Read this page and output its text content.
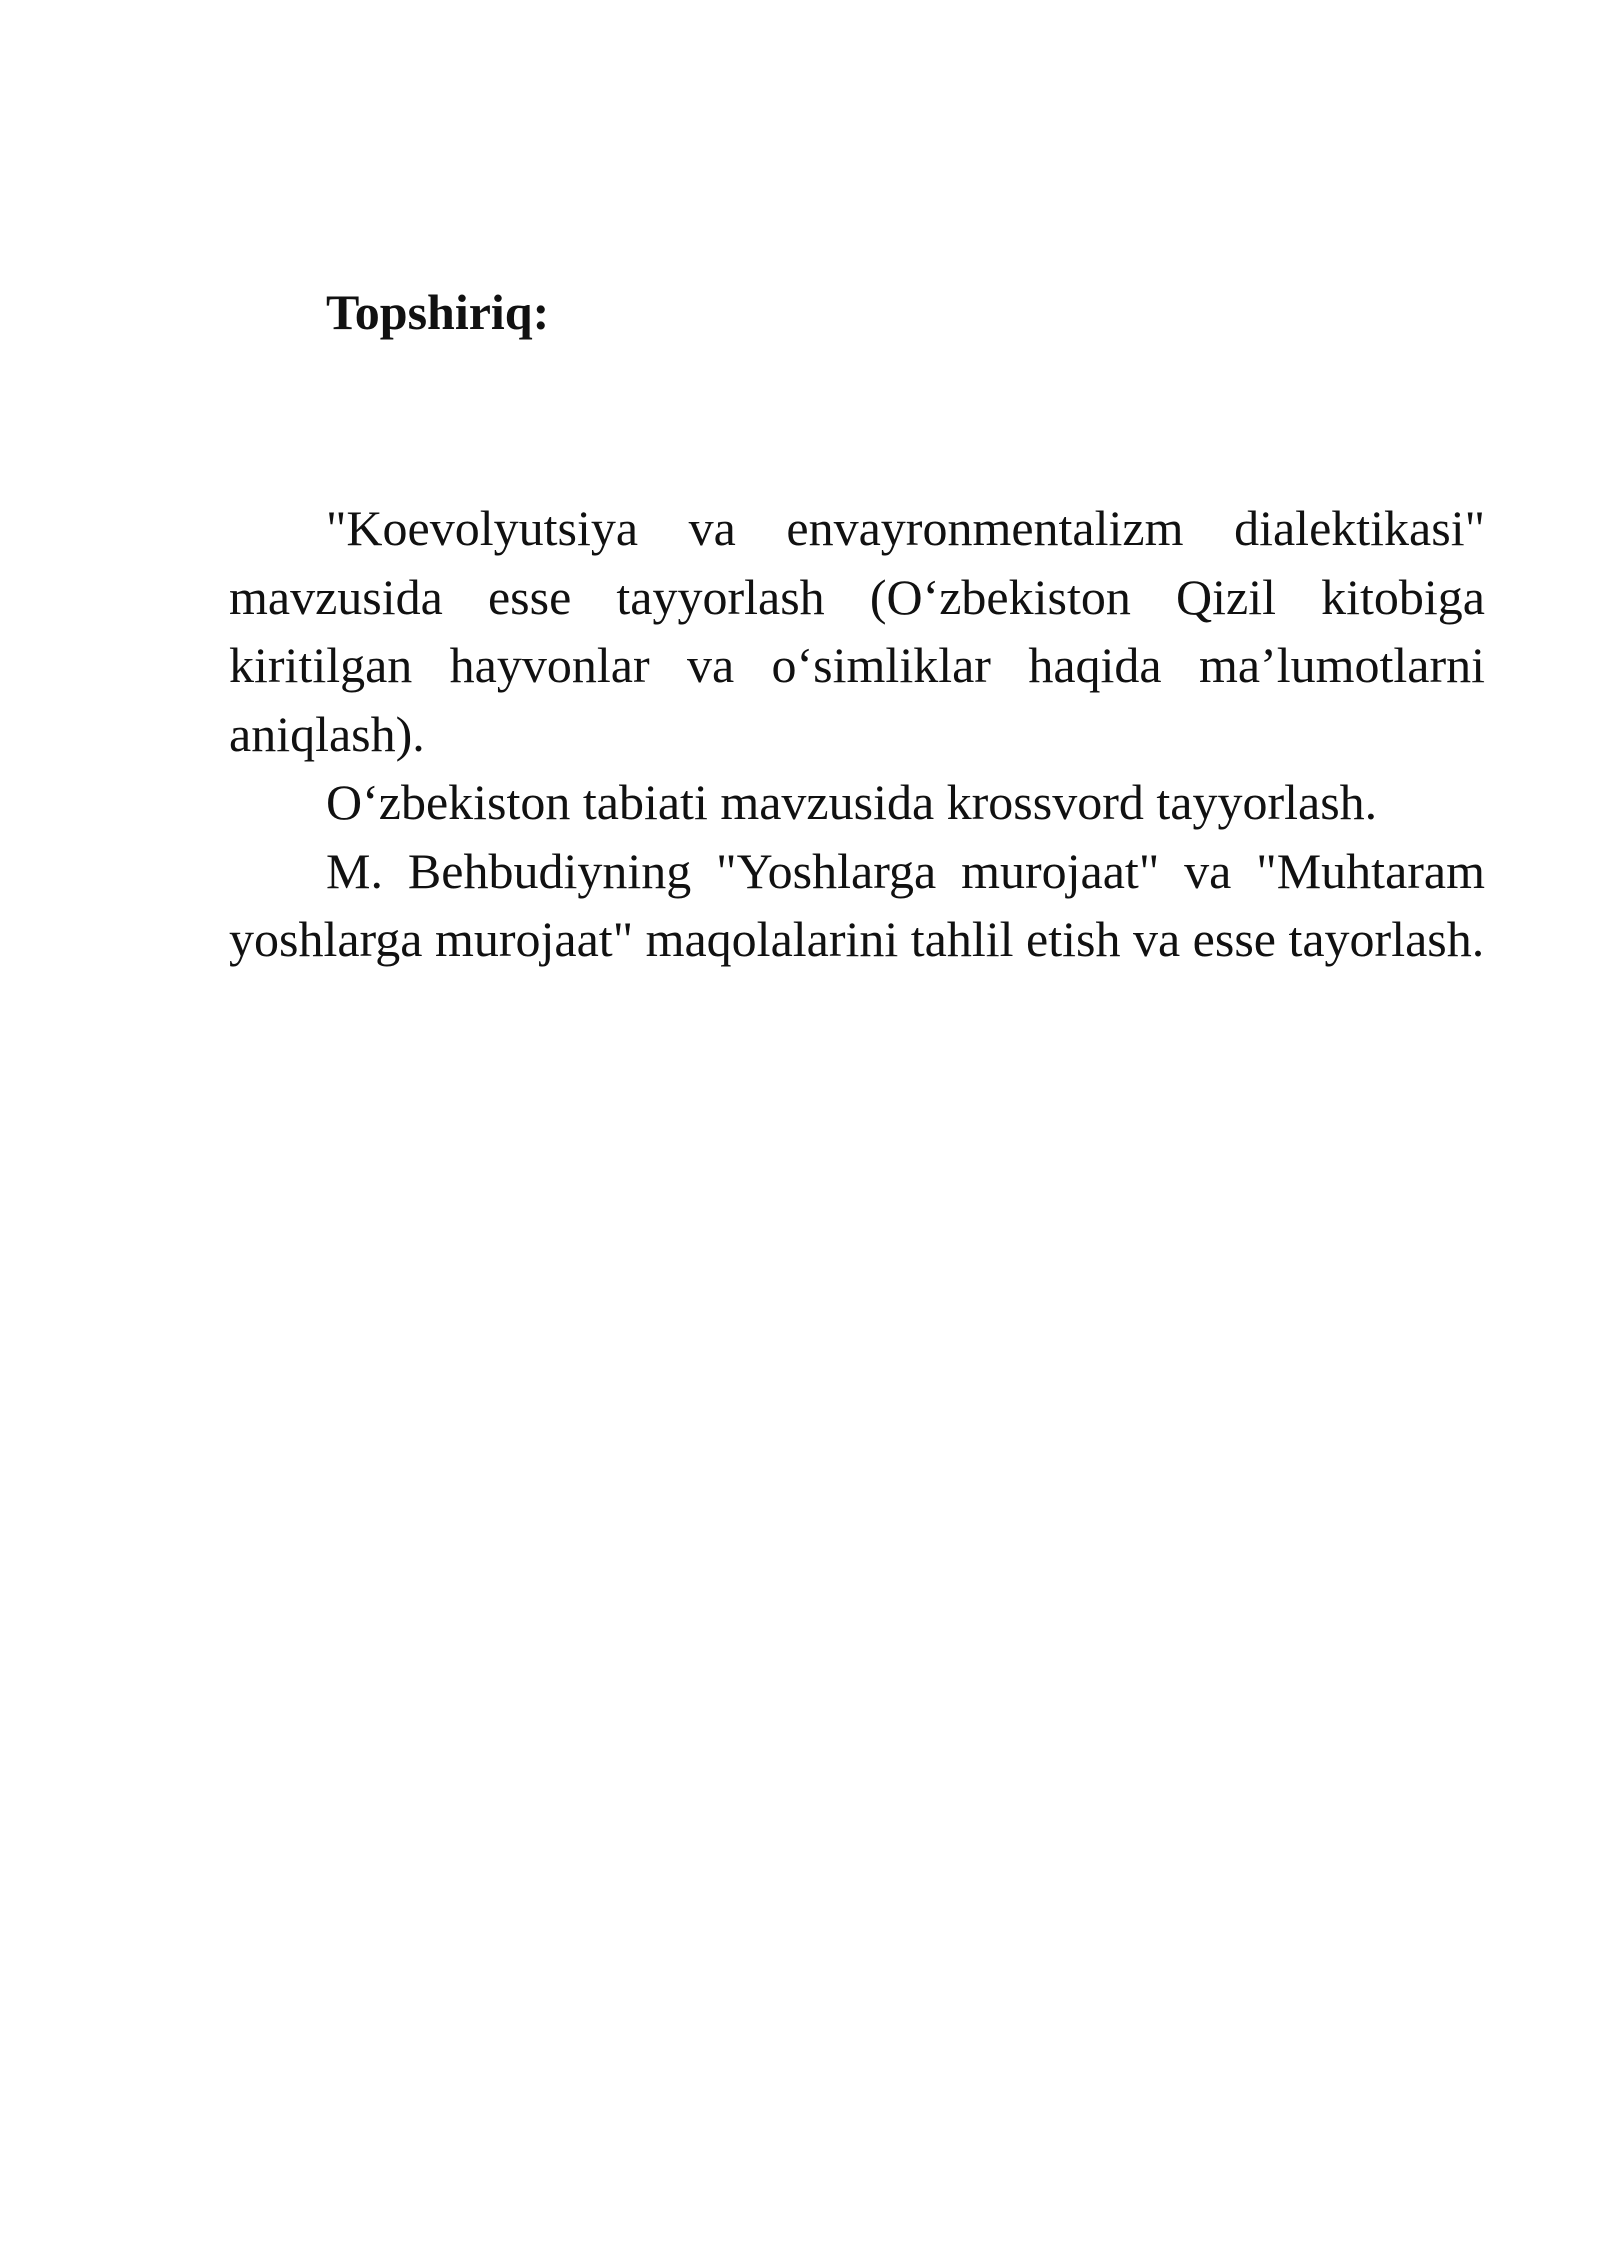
Topshiriq:

"Koevolyutsiya va envayronmentalizm dialektikasi" mavzusida esse tayyorlash (O‘zbekiston Qizil kitobiga kiritilgan hayvonlar va o‘simliklar haqida ma’lumotlarni aniqlash).

O‘zbekiston tabiati mavzusida krossvord tayyorlash.

M. Behbudiyning "Yoshlarga murojaat" va "Muhtaram yoshlarga murojaat" maqolalarini tahlil etish va esse tayorlash.
